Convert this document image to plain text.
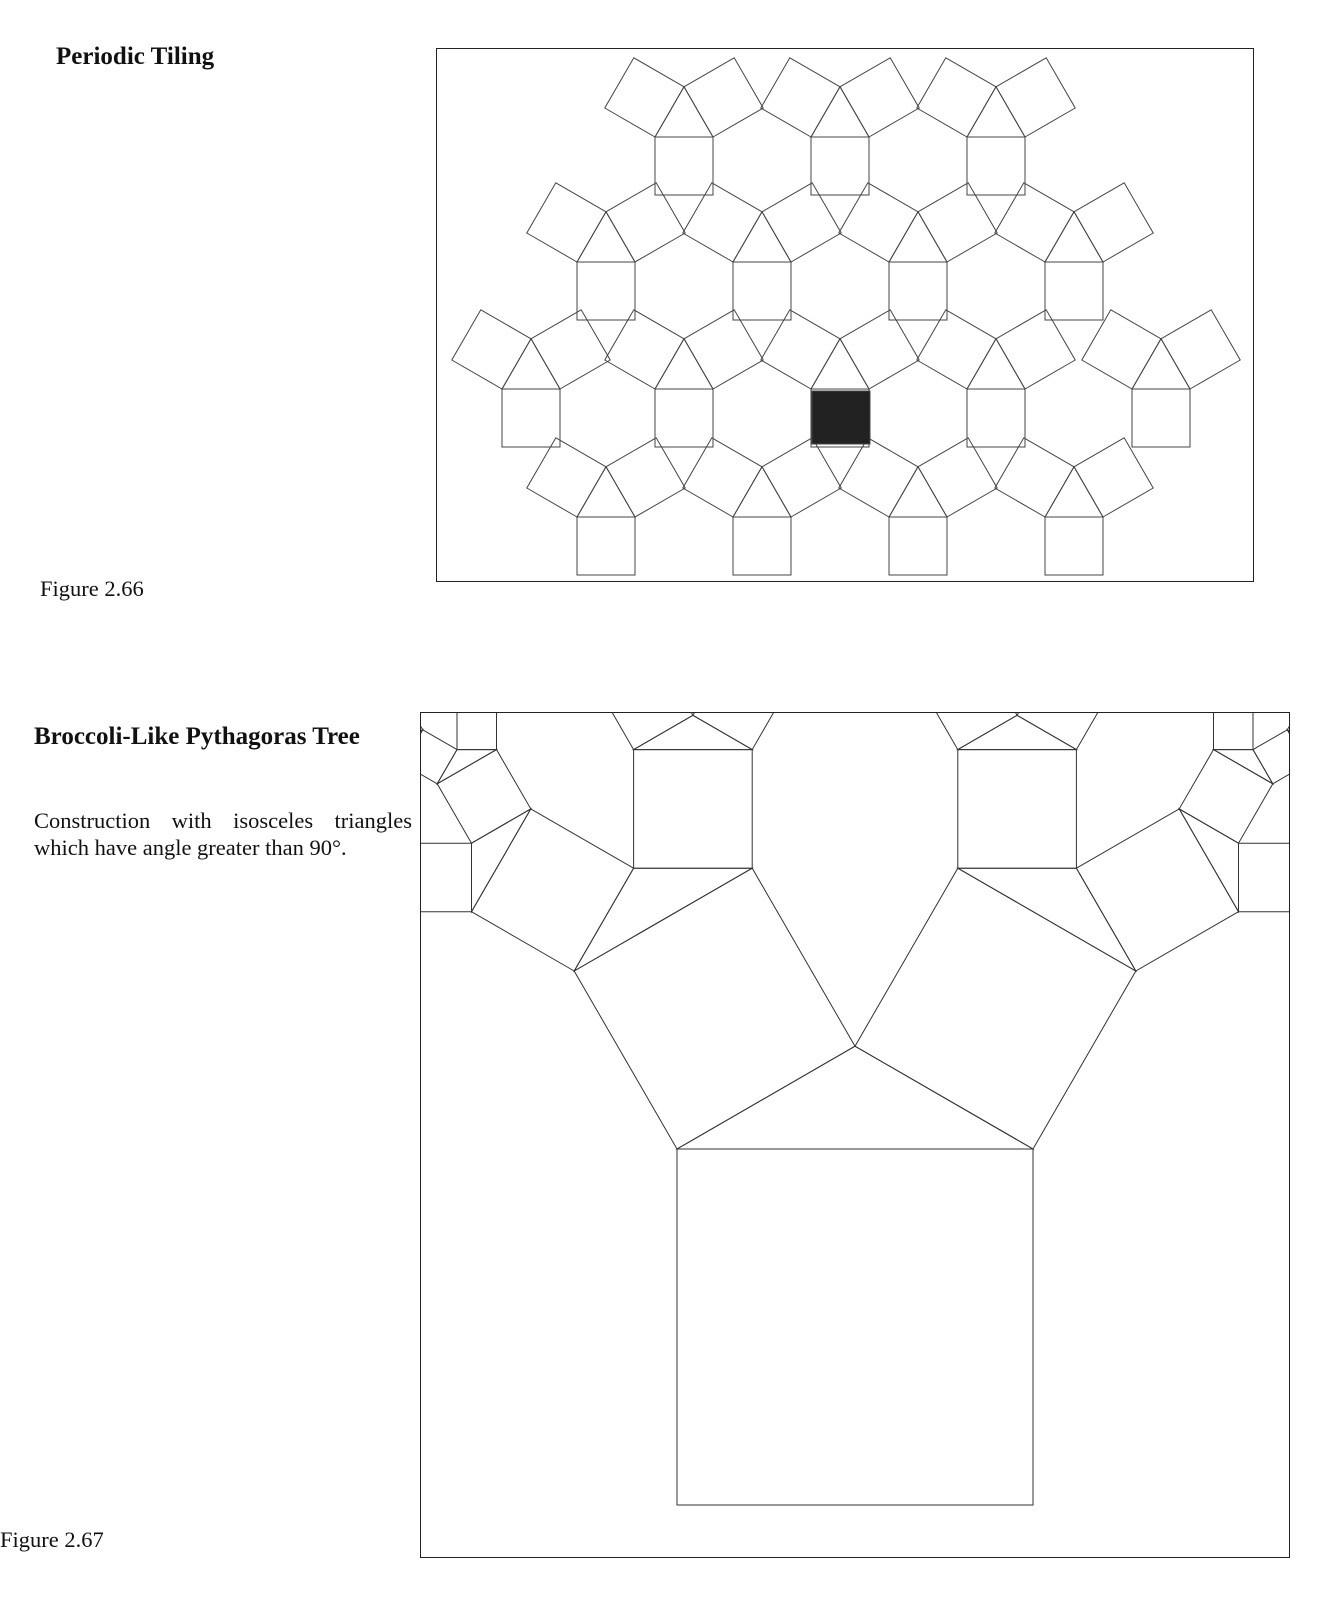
Periodic Tiling
Figure 2.66
Broccoli-Like Pythagoras Tree

Construction with isosceles triangles which have angle greater than 90°.

Figure 2.67
